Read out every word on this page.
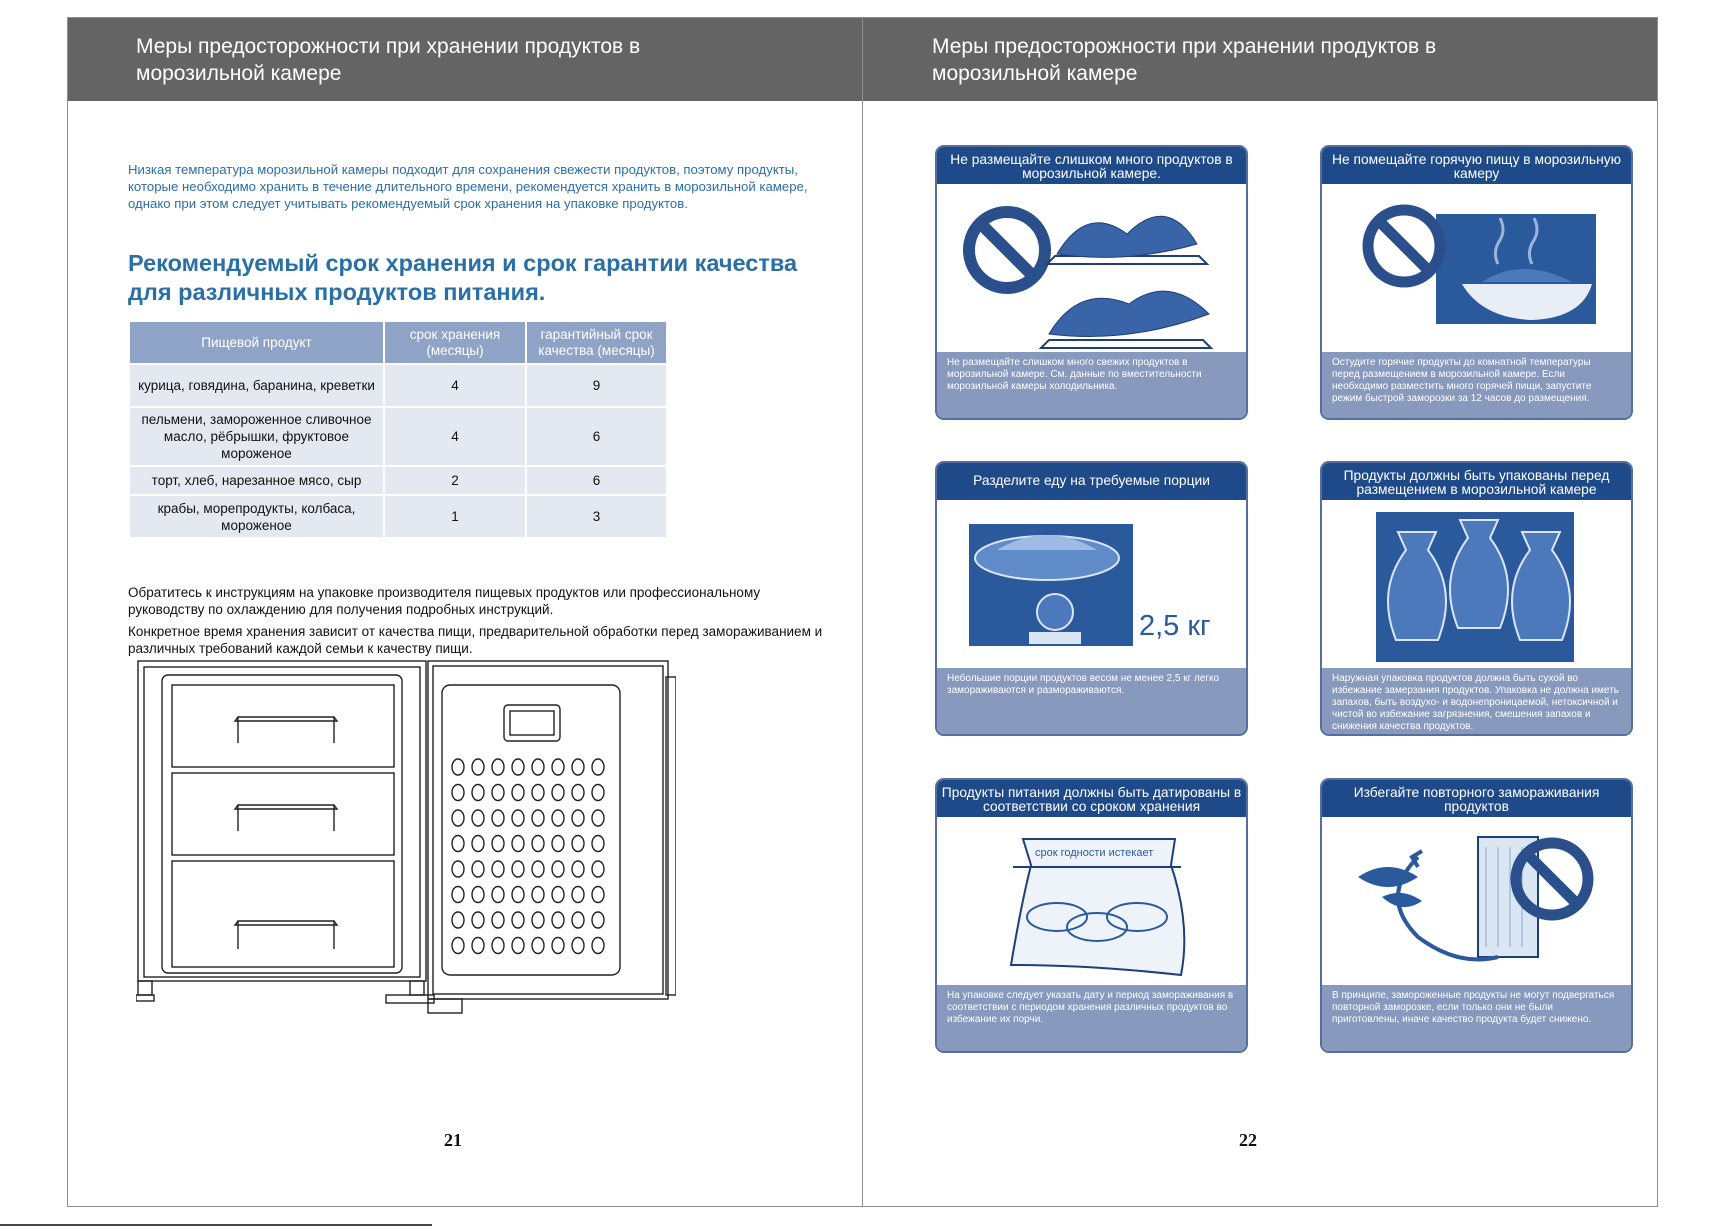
Меры предосторожности при хранении продуктов в
морозильной камере

Низкая температура морозильной камеры подходит для сохранения свежести продуктов, поэтому продукты, которые необходимо хранить в течение длительного времени, рекомендуется хранить в морозильной камере, однако при этом следует учитывать рекомендуемый срок хранения на упаковке продуктов.

Рекомендуемый срок хранения и срок гарантии качества для различных продуктов питания.
Пищевой продукт	срок хранения (месяцы)	гарантийный срок качества (месяцы)
курица, говядина, баранина, креветки	4	9
пельмени, замороженное сливочное масло, рёбрышки, фруктовое мороженое	4	6
торт, хлеб, нарезанное мясо, сыр	2	6
крабы, морепродукты, колбаса, мороженое	1	3

Обратитесь к инструкциям на упаковке производителя пищевых продуктов или профессиональному руководству по охлаждению для получения подробных инструкций.

Конкретное время хранения зависит от качества пищи, предварительной обработки перед замораживанием и различных требований каждой семьи к качеству пищи.

21
Меры предосторожности при хранении продуктов в
морозильной камере
Не размещайте слишком много продуктов в морозильной камере.
Не размещайте слишком много свежих продуктов в морозильной камере. См. данные по вместительности морозильной камеры холодильника.
Не помещайте горячую пищу в морозильную камеру
Остудите горячие продукты до комнатной температуры перед размещением в морозильной камере. Если необходимо разместить много горячей пищи, запустите режим быстрой заморозки за 12 часов до размещения.
Разделите еду на требуемые порции
2,5 кг
Небольшие порции продуктов весом не менее 2,5 кг легко замораживаются и размораживаются.
Продукты должны быть упакованы перед размещением в морозильной камере
Наружная упаковка продуктов должна быть сухой во избежание замерзания продуктов. Упаковка не должна иметь запахов, быть воздухо- и водонепроницаемой, нетоксичной и чистой во избежание загрязнения, смешения запахов и снижения качества продуктов.
Продукты питания должны быть датированы в соответствии со сроком хранения
срок годности истекает
На упаковке следует указать дату и период замораживания в соответствии с периодом хранения различных продуктов во избежание их порчи.
Избегайте повторного замораживания продуктов
В принципе, замороженные продукты не могут подвергаться повторной заморозке, если только они не были приготовлены, иначе качество продукта будет снижено.
22
